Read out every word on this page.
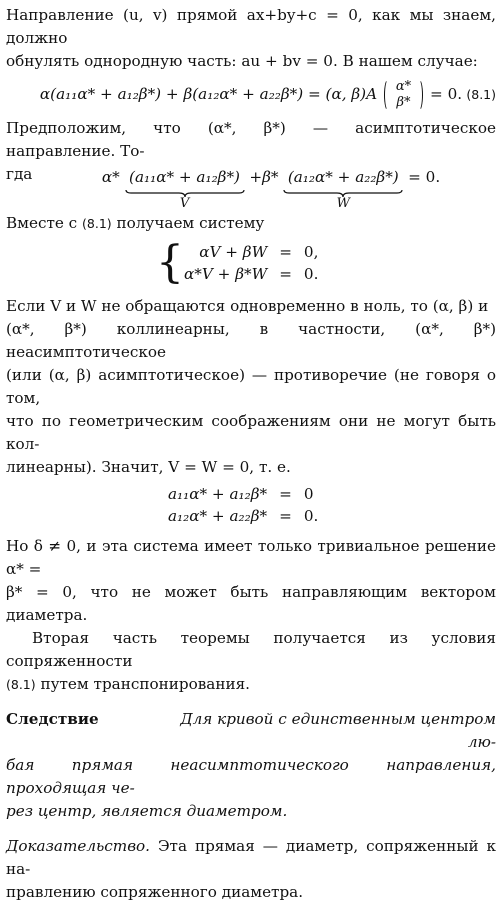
Направление (u, v) прямой ax+by+c = 0, как мы знаем, должно
обнулять однородную часть: au + bv = 0. В нашем случае:

α(a₁₁α* + a₁₂β*) + β(a₁₂α* + a₂₂β*) = (α, β)A α*
β* = 0. (8.1)

Предположим, что (α*, β*) — асимптотическое направление. То-
гда	α* (a₁₁α* + a₁₂β*)
V
+β* (a₁₂α* + a₂₂β*)
W
= 0.

Вместе с (8.1) получаем систему

{ αV + βW	=	0,
α*V + β*W	=	0.

Если V и W не обращаются одновременно в ноль, то (α, β) и
(α*, β*) коллинеарны, в частности, (α*, β*) неасимптотическое
(или (α, β) асимптотическое) — противоречие (не говоря о том,
что по геометрическим соображениям они не могут быть кол-
линеарны). Значит, V = W = 0, т. е.

a₁₁α* + a₁₂β*	=	0
a₁₂α* + a₂₂β*	=	0.

Но δ ≠ 0, и эта система имеет только тривиальное решение α* =
β* = 0, что не может быть направляющим вектором диаметра.

Вторая часть теоремы получается из условия сопряженности
(8.1) путем транспонирования.

Следствие	Для кривой с единственным центром лю-

бая прямая неасимптотического направления, проходящая че-
рез центр, является диаметром.

Доказательство. Эта прямая — диаметр, сопряженный к на-
правлению сопряженного диаметра.
